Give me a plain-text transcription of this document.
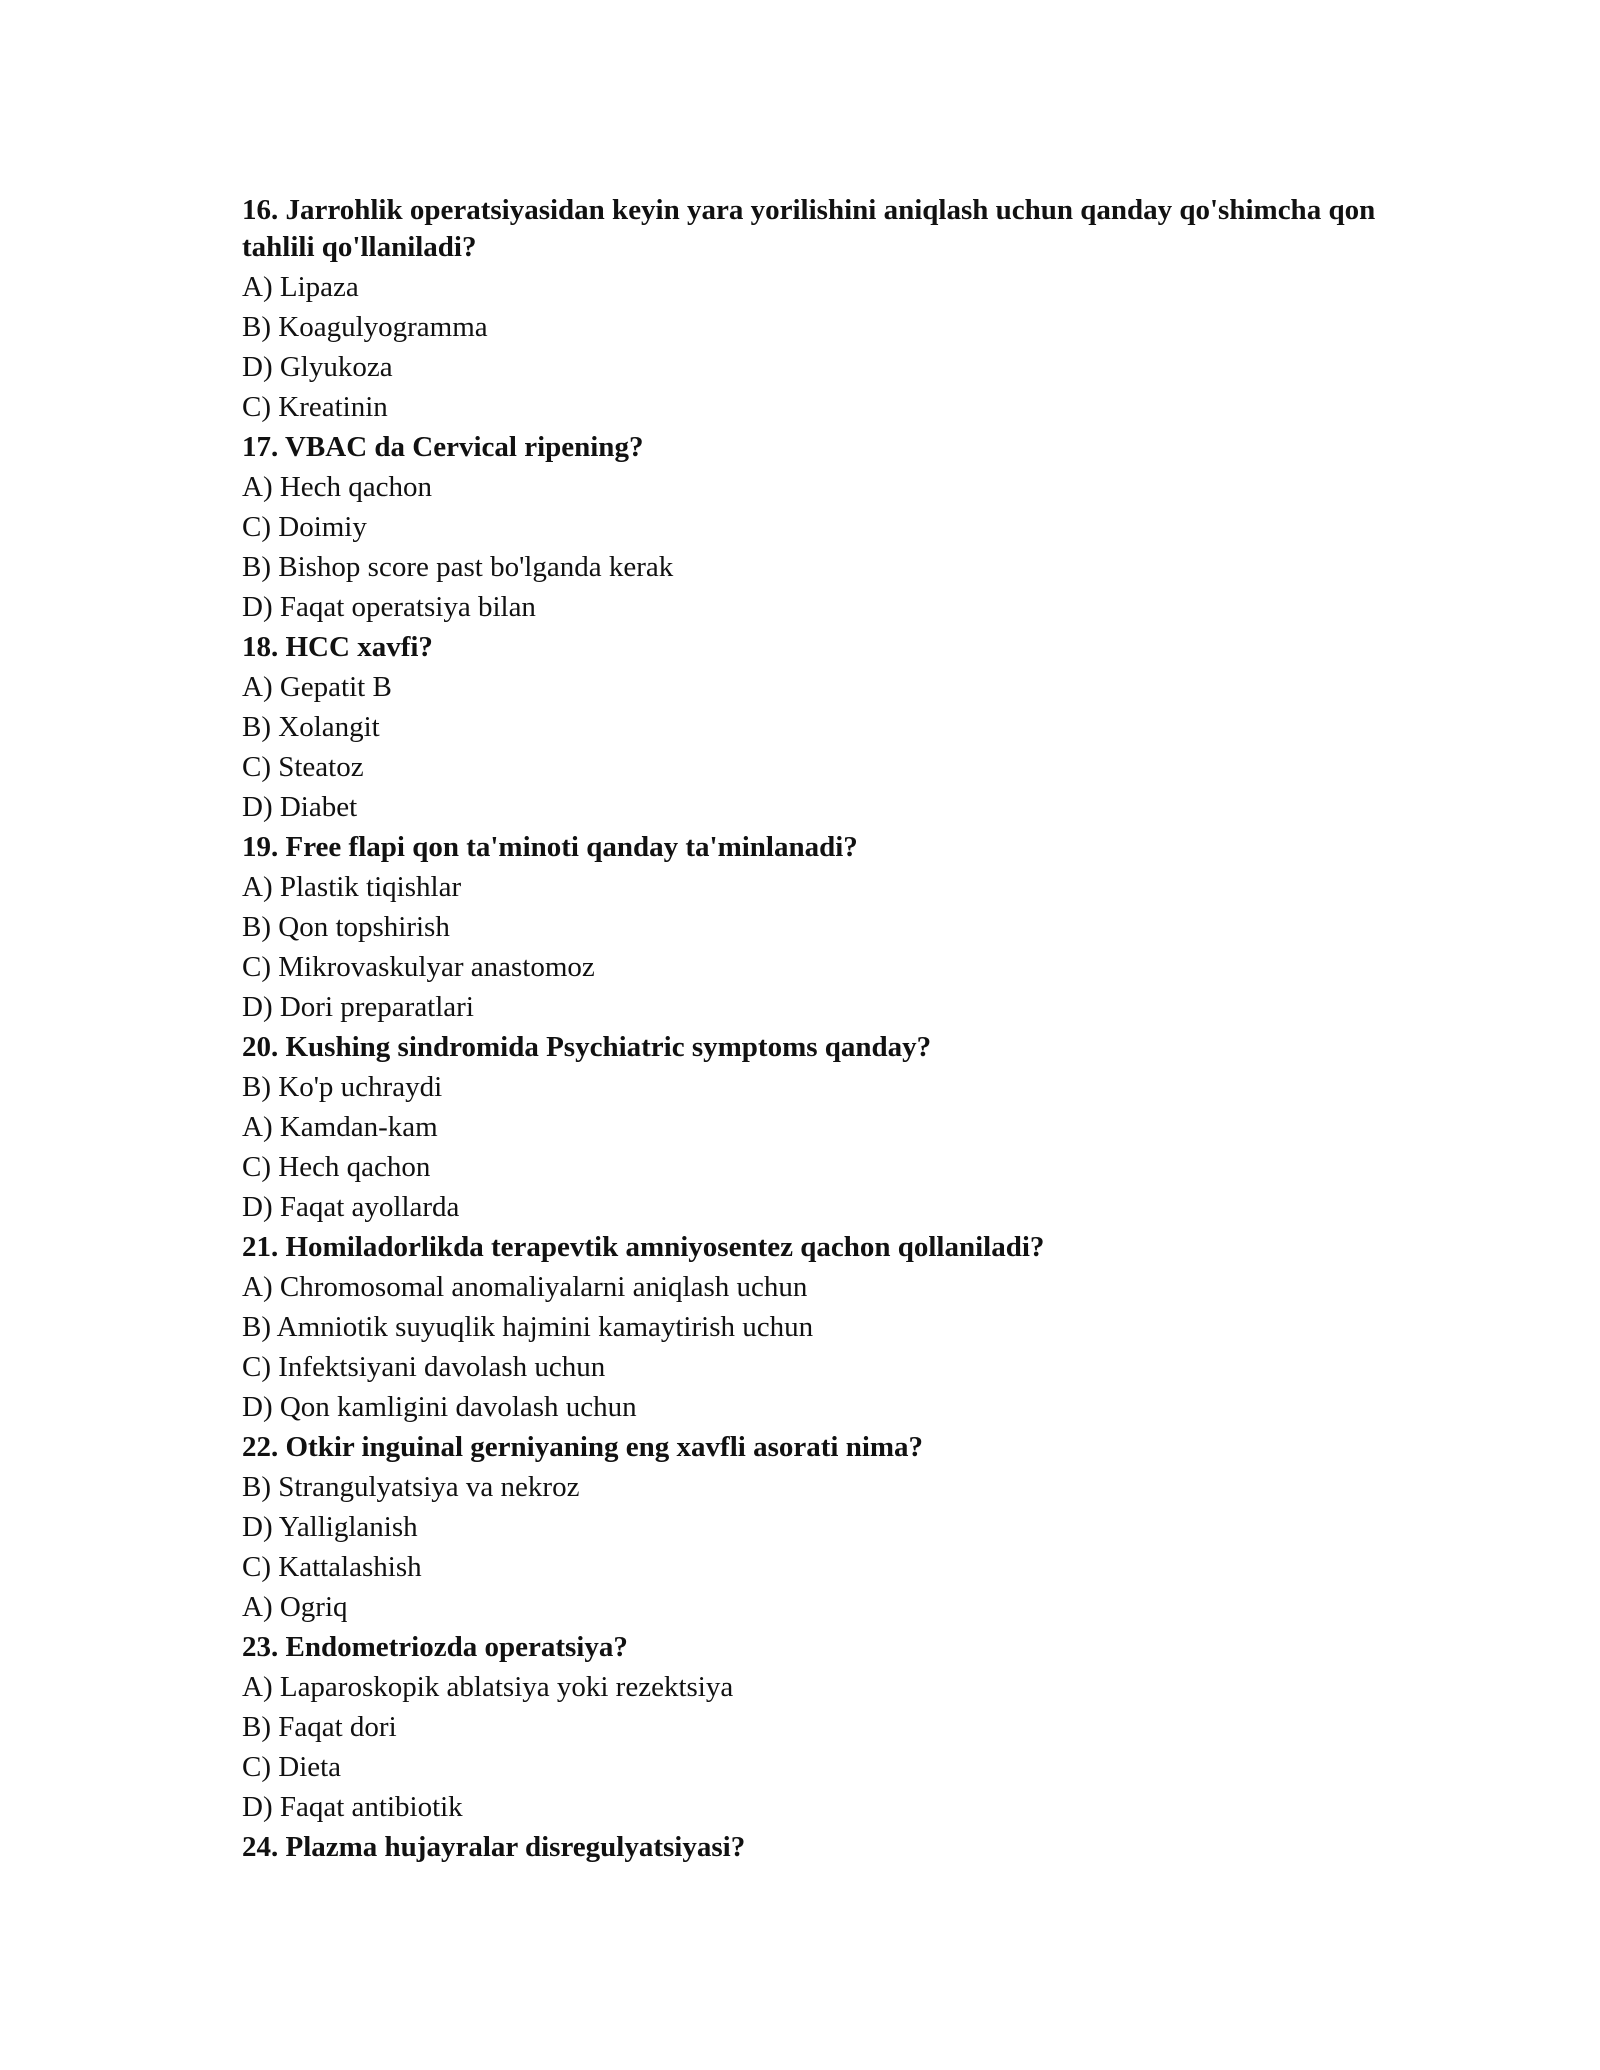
16. Jarrohlik operatsiyasidan keyin yara yorilishini aniqlash uchun qanday qo'shimcha qon tahlili qo'llaniladi?

A) Lipaza

B) Koagulyogramma

D) Glyukoza

C) Kreatinin

17. VBAC da Cervical ripening?

A) Hech qachon

C) Doimiy

B) Bishop score past bo'lganda kerak

D) Faqat operatsiya bilan

18. HCC xavfi?

A) Gepatit B

B) Xolangit

C) Steatoz

D) Diabet

19. Free flapi qon ta'minoti qanday ta'minlanadi?

A) Plastik tiqishlar

B) Qon topshirish

C) Mikrovaskulyar anastomoz

D) Dori preparatlari

20. Kushing sindromida Psychiatric symptoms qanday?

B) Ko'p uchraydi

A) Kamdan-kam

C) Hech qachon

D) Faqat ayollarda

21. Homiladorlikda terapevtik amniyosentez qachon qollaniladi?

A) Chromosomal anomaliyalarni aniqlash uchun

B) Amniotik suyuqlik hajmini kamaytirish uchun

C) Infektsiyani davolash uchun

D) Qon kamligini davolash uchun

22. Otkir inguinal gerniyaning eng xavfli asorati nima?

B) Strangulyatsiya va nekroz

D) Yalliglanish

C) Kattalashish

A) Ogriq

23. Endometriozda operatsiya?

A) Laparoskopik ablatsiya yoki rezektsiya

B) Faqat dori

C) Dieta

D) Faqat antibiotik

24. Plazma hujayralar disregulyatsiyasi?
